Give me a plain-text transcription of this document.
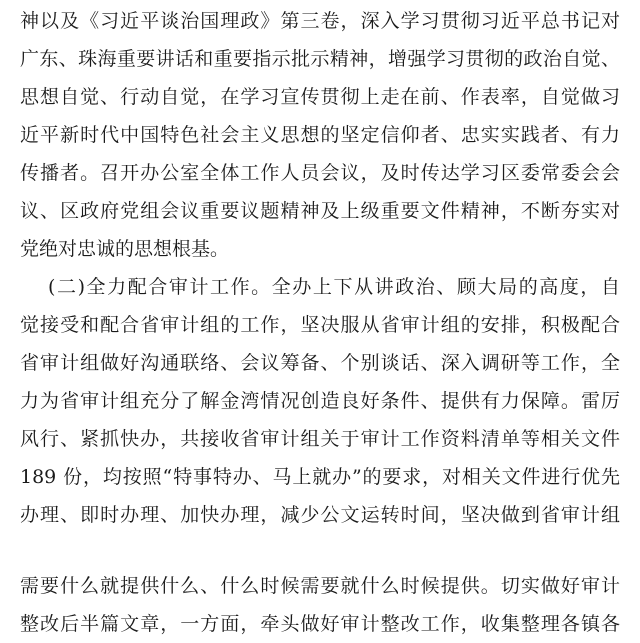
神以及《习近平谈治国理政》第三卷，深入学习贯彻习近平总书记对
广东、珠海重要讲话和重要指示批示精神，增强学习贯彻的政治自觉、
思想自觉、行动自觉，在学习宣传贯彻上走在前、作表率，自觉做习
近平新时代中国特色社会主义思想的坚定信仰者、忠实实践者、有力
传播者。召开办公室全体工作人员会议，及时传达学习区委常委会会
议、区政府党组会议重要议题精神及上级重要文件精神，不断夯实对
党绝对忠诚的思想根基。
(二)全力配合审计工作。全办上下从讲政治、顾大局的高度，自
觉接受和配合省审计组的工作，坚决服从省审计组的安排，积极配合
省审计组做好沟通联络、会议筹备、个别谈话、深入调研等工作，全
力为省审计组充分了解金湾情况创造良好条件、提供有力保障。雷厉
风行、紧抓快办，共接收省审计组关于审计工作资料清单等相关文件
189 份，均按照“特事特办、马上就办”的要求，对相关文件进行优先
办理、即时办理、加快办理，减少公文运转时间，坚决做到省审计组
需要什么就提供什么、什么时候需要就什么时候提供。切实做好审计
整改后半篇文章，一方面，牵头做好审计整改工作，收集整理各镇各
